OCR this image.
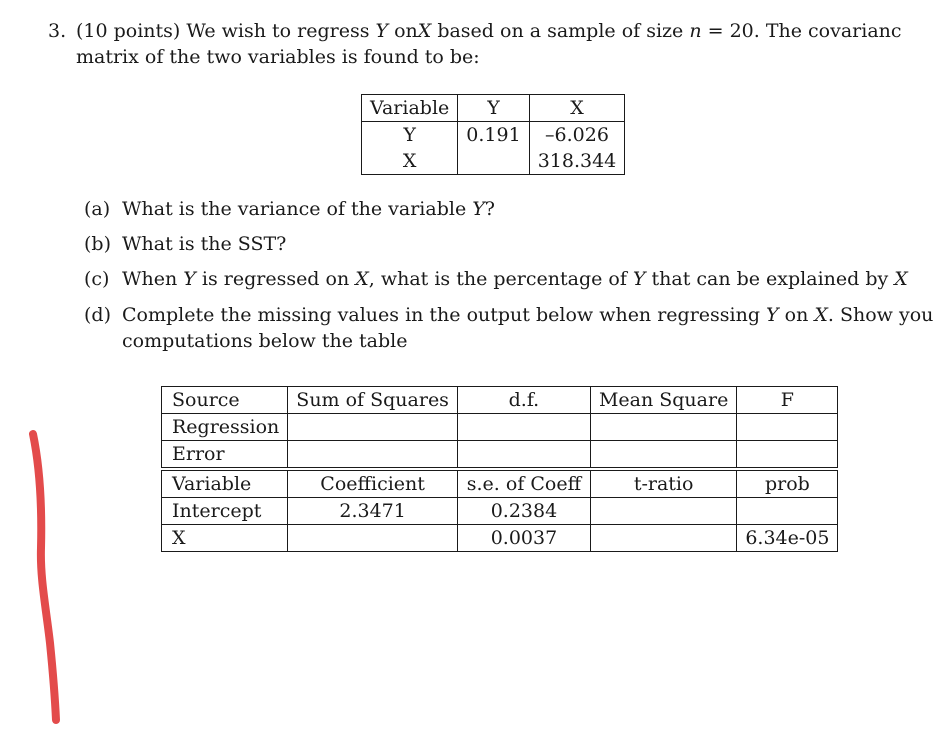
3. (10 points) We wish to regress Y onX based on a sample of size n = 20. The covarianc
matrix of the two variables is found to be:
Variable	Y	X
Y	0.191	–6.026
X		318.344
(a) What is the variance of the variable Y?
(b) What is the SST?
(c) When Y is regressed on X, what is the percentage of Y that can be explained by X
(d) Complete the missing values in the output below when regressing Y on X. Show you
computations below the table
Source	Sum of Squares	d.f.	Mean Square	F
Regression				
Error				
Variable	Coefficient	s.e. of Coeff	t-ratio	prob
Intercept	2.3471	0.2384		
X		0.0037		6.34e-05
